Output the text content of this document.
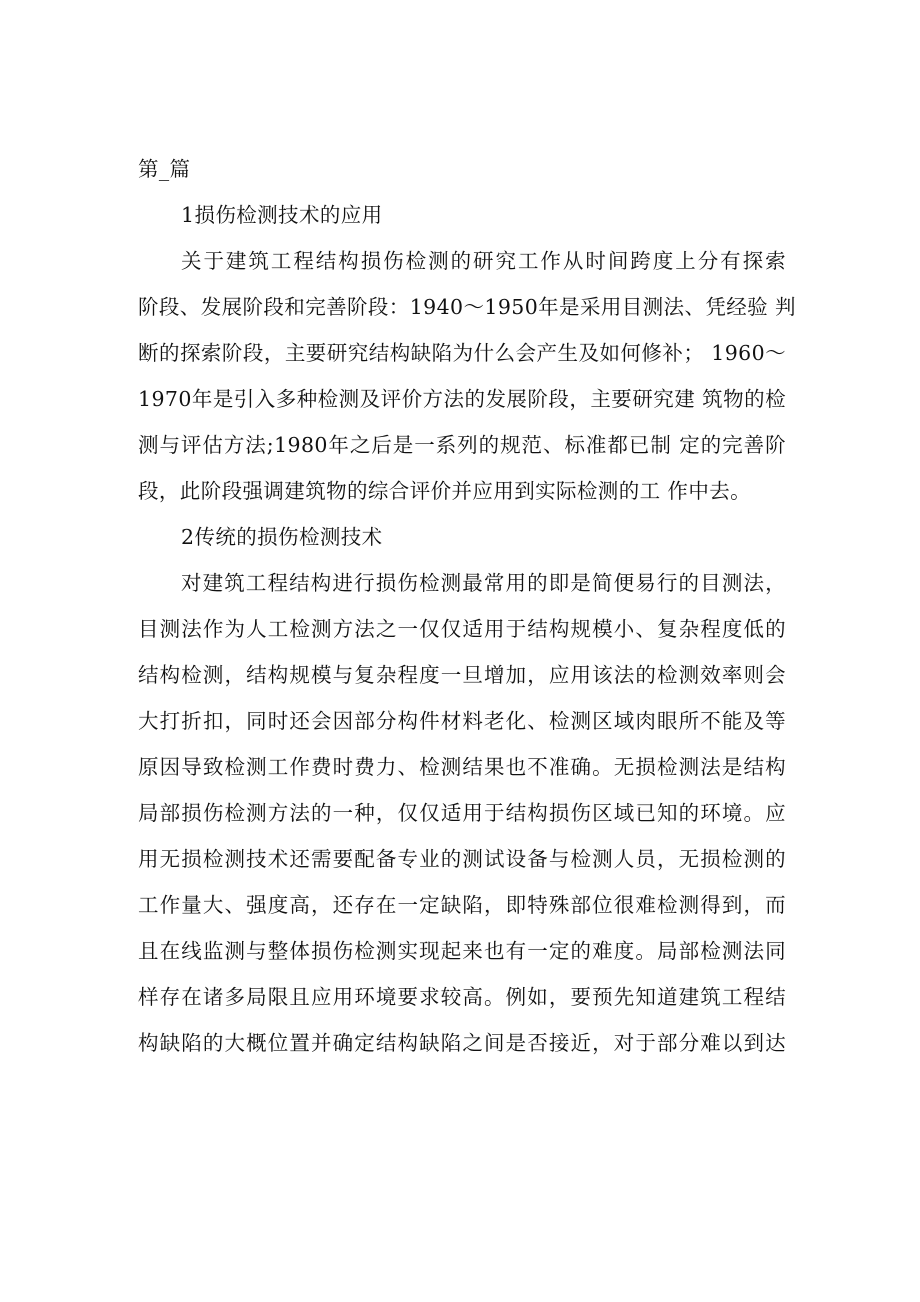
第_篇
1损伤检测技术的应用
关于建筑工程结构损伤检测的研究工作从时间跨度上分有探索
阶段、发展阶段和完善阶段：1940〜1950年是采用目测法、凭经验 判
断的探索阶段，主要研究结构缺陷为什么会产生及如何修补； 1960〜
1970年是引入多种检测及评价方法的发展阶段，主要研究建 筑物的检
测与评估方法;1980年之后是一系列的规范、标准都已制 定的完善阶
段，此阶段强调建筑物的综合评价并应用到实际检测的工 作中去。
2传统的损伤检测技术
对建筑工程结构进行损伤检测最常用的即是简便易行的目测法，
目测法作为人工检测方法之一仅仅适用于结构规模小、复杂程度低的
结构检测，结构规模与复杂程度一旦增加，应用该法的检测效率则会
大打折扣，同时还会因部分构件材料老化、检测区域肉眼所不能及等
原因导致检测工作费时费力、检测结果也不准确。无损检测法是结构
局部损伤检测方法的一种，仅仅适用于结构损伤区域已知的环境。应
用无损检测技术还需要配备专业的测试设备与检测人员，无损检测的
工作量大、强度高，还存在一定缺陷，即特殊部位很难检测得到，而
且在线监测与整体损伤检测实现起来也有一定的难度。局部检测法同
样存在诸多局限且应用环境要求较高。例如，要预先知道建筑工程结
构缺陷的大概位置并确定结构缺陷之间是否接近，对于部分难以到达
